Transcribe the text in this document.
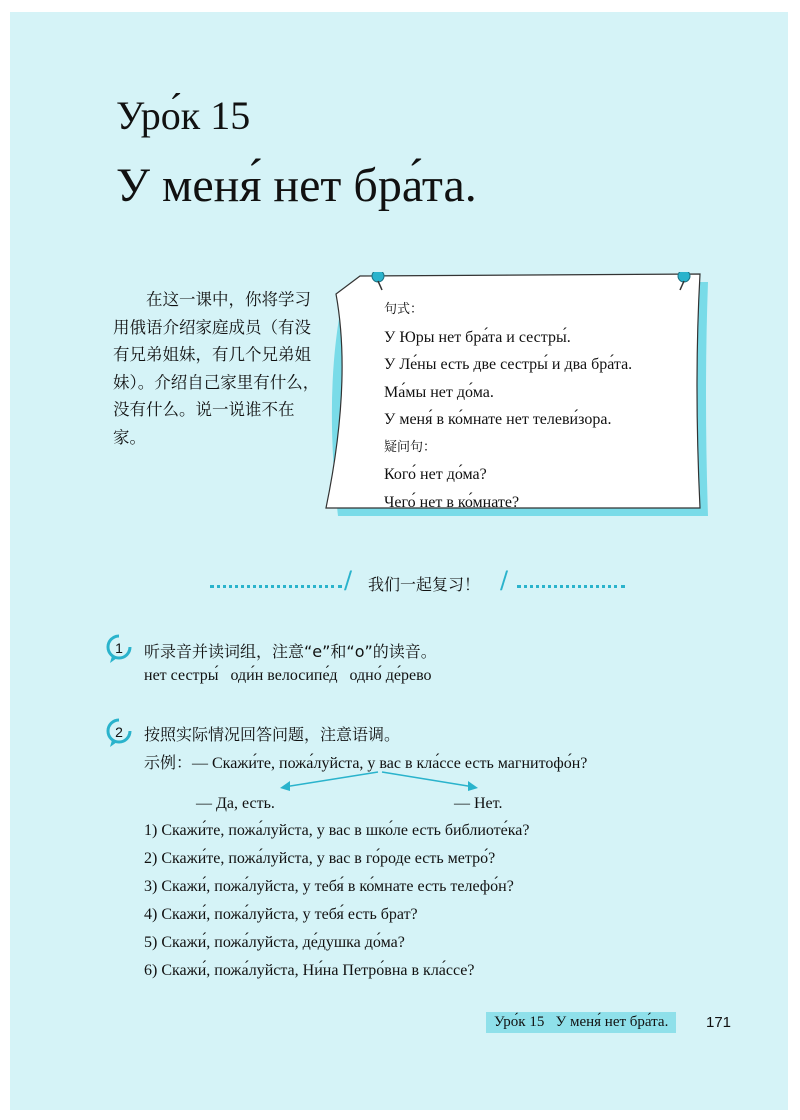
Уро́к 15
У меня́ нет бра́та.

在这一课中，你将学习用俄语介绍家庭成员（有没有兄弟姐妹，有几个兄弟姐妹）。介绍自己家里有什么，没有什么。说一说谁不在家。

句式：
У Юры нет бра́та и сестры́.
У Ле́ны есть две сестры́ и два бра́та.
Ма́мы нет до́ма.
У меня́ в ко́мнате нет телеви́зора.
疑问句：
Кого́ нет до́ма?
Чего́ нет в ко́мнате?
/ 我们一起复习！ /
1	听录音并读词组，注意“е”和“о”的读音。
нет сестры́   оди́н велосипе́д   одно́ де́рево
2	按照实际情况回答问题，注意语调。
示例：— Скажи́те, пожа́луйста, у вас в кла́ссе есть магнитофо́н?
— Да, есть.	— Нет.
1) Скажи́те, пожа́луйста, у вас в шко́ле есть библиоте́ка?
2) Скажи́те, пожа́луйста, у вас в го́роде есть метро́?
3) Скажи́, пожа́луйста, у тебя́ в ко́мнате есть телефо́н?
4) Скажи́, пожа́луйста, у тебя́ есть брат?
5) Скажи́, пожа́луйста, де́душка до́ма?
6) Скажи́, пожа́луйста, Ни́на Петро́вна в кла́ссе?
Уро́к 15   У меня́ нет бра́та.	171
